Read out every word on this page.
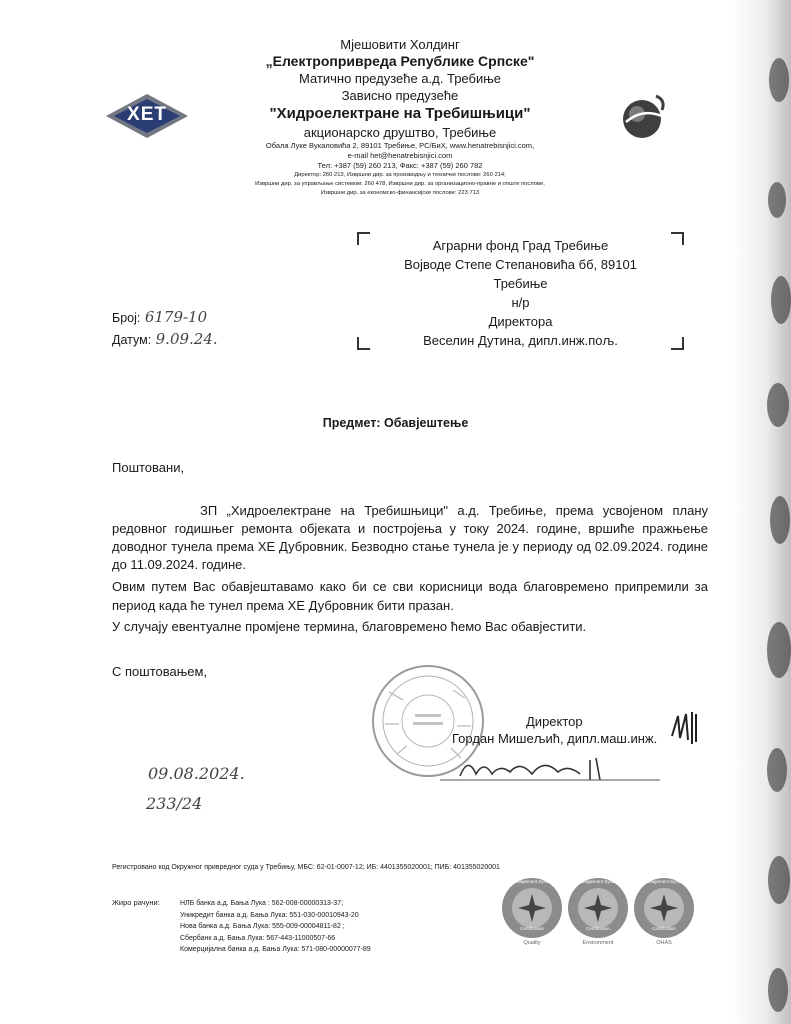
ХЕТ
Мјешовити Холдинг
„Електропривреда Републике Српске"
Матично предузеће а.д. Требиње
Зависно предузеће
"Хидроелектране на Требишњици"
акционарско друштво, Требиње
Обала Луке Вукаловића 2, 89101 Требиње, РС/БиХ, www.henatrebisnjici.com,
e-mail het@henatrebisnjici.com
Тел: +387 (59) 260 213, Факс: +387 (59) 260 782
Директор: 260 213, Извршни дир. за производњу и техничке послове: 260 214;
Извршни дир. за управљање системом: 260 478, Извршни дир. за организационо-правне и опште послове,
Извршни дир. за економско-финансијске послове: 223 713
Аграрни фонд Град Требиње
Војводе Степе Степановића бб, 89101
Требиње
н/р
Директора
Веселин Дутина, дипл.инж.пољ.
Број: 6179-10
Датум: 9.09.24.
Предмет: Обавјештење
Поштовани,
ЗП „Хидроелектране на Требишњици" а.д. Требиње, према усвојеном плану редовног годишњег ремонта објеката и постројења у току 2024. године, вршиће пражњење доводног тунела према ХЕ Дубровник. Безводно стање тунела је у периоду од 02.09.2024. године до 11.09.2024. године.
Овим путем Вас обавјештавамо како би се сви корисници вода благовремено припремили за период када ће тунел према ХЕ Дубровник бити празан.
У случају евентуалне промјене термина, благовремено ћемо Вас обавјестити.
С поштовањем,
Директор
Гордан Мишељић, дипл.маш.инж.
09.08.2024.
233/24
Регистровано код Окружног привредног суда у Требињу, МБС: 62-01-0007-12; ИБ: 4401355020001; ПИБ: 401355020001
Жиро рачуни:	НЛБ банка а.д. Бања Лука : 562-008-00000313-37;
Уникредит банка а.д. Бања Лука: 551-030-00010943-20
Нова банка а.д. Бања Лука: 555-009-00004811-82 ;
Сбербанк а.д. Бања Лука: 567-443-11000507-66
Комерцијална банка а.д. Бања Лука: 571-080-00000077-89
Management System
Certification
Quality
Management System
Certification
Environment
Management System
Certification
OHAS
